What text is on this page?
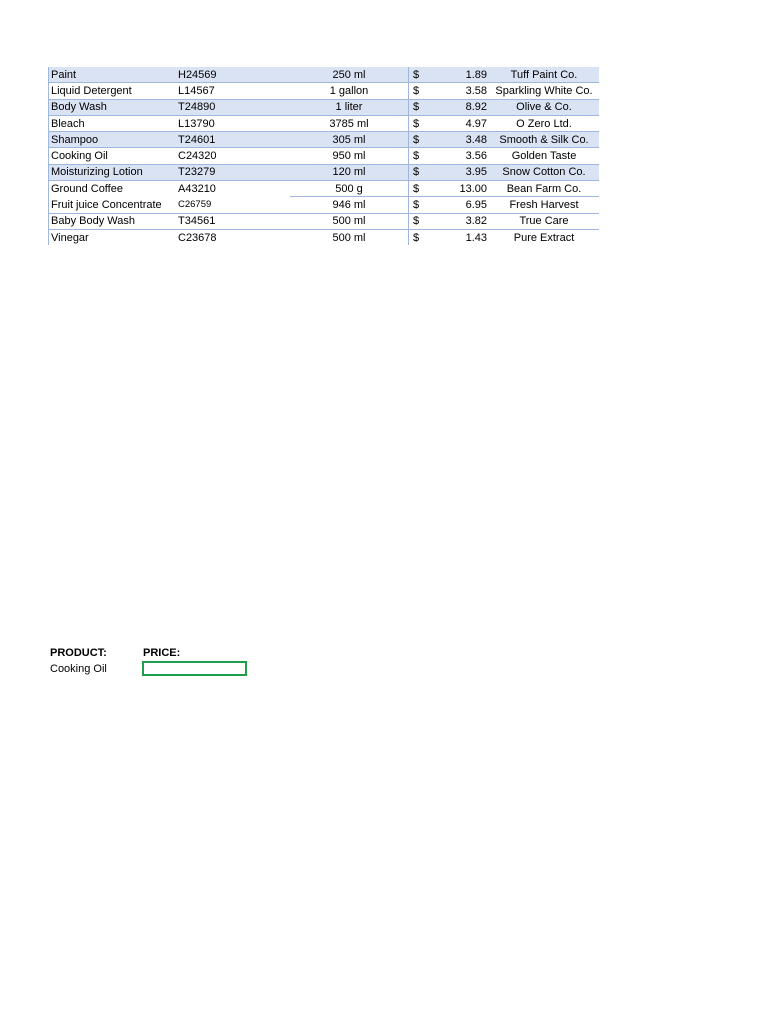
Paint	H24569	250 ml	$	1.89	Tuff Paint Co.
Liquid Detergent	L14567	1 gallon	$	3.58	Sparkling White Co.
Body Wash	T24890	1 liter	$	8.92	Olive & Co.
Bleach	L13790	3785 ml	$	4.97	O Zero Ltd.
Shampoo	T24601	305 ml	$	3.48	Smooth & Silk Co.
Cooking Oil	C24320	950 ml	$	3.56	Golden Taste
Moisturizing Lotion	T23279	120 ml	$	3.95	Snow Cotton Co.
Ground Coffee	A43210	500 g	$	13.00	Bean Farm Co.
Fruit juice Concentrate	C26759	946 ml	$	6.95	Fresh Harvest
Baby Body Wash	T34561	500 ml	$	3.82	True Care
Vinegar	C23678	500 ml	$	1.43	Pure Extract
PRODUCT:	PRICE:
Cooking Oil
